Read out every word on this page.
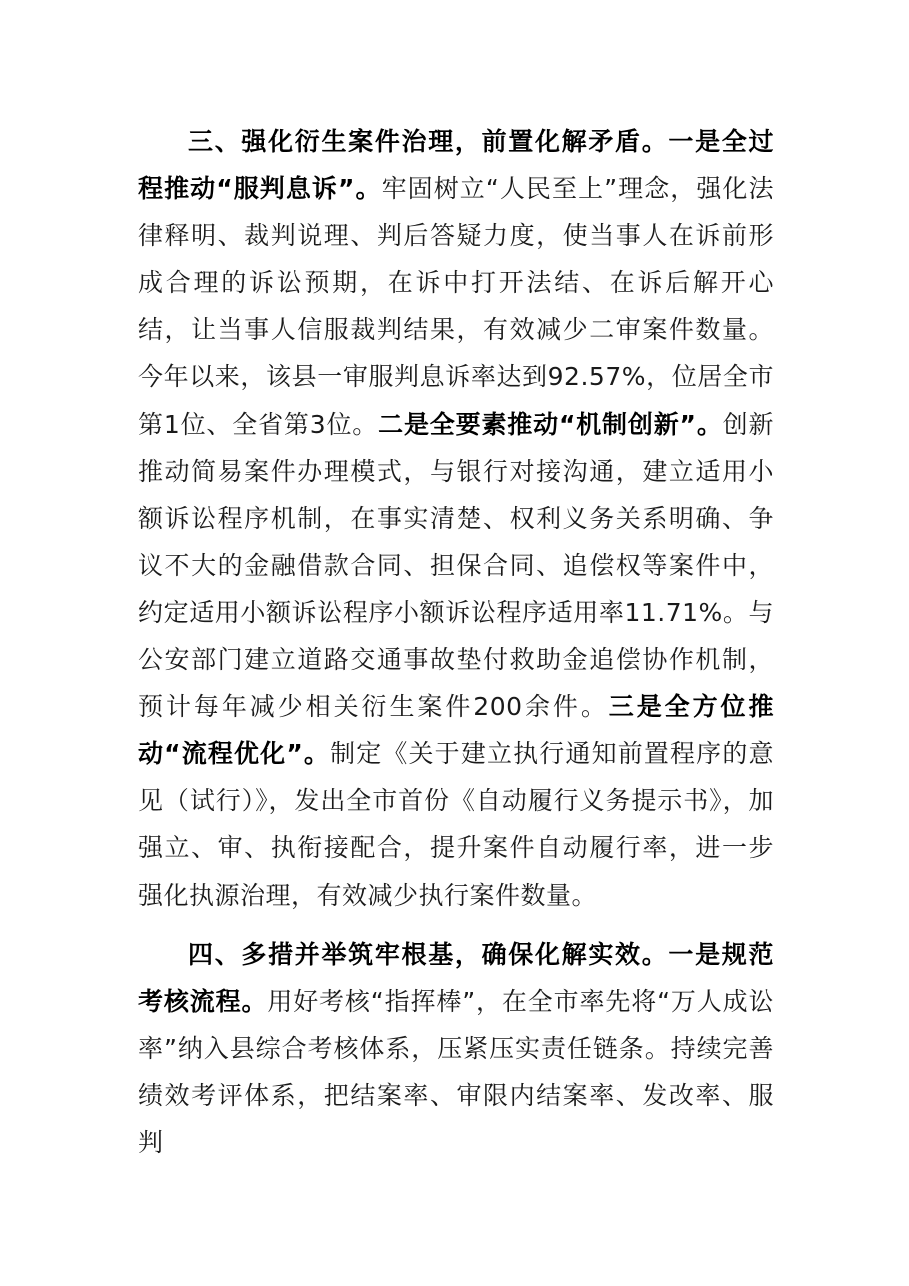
三、强化衍生案件治理，前置化解矛盾。一是全过程推动“服判息诉”。牢固树立“人民至上”理念，强化法律释明、裁判说理、判后答疑力度，使当事人在诉前形成合理的诉讼预期，在诉中打开法结、在诉后解开心结，让当事人信服裁判结果，有效减少二审案件数量。今年以来，该县一审服判息诉率达到92.57%，位居全市第1位、全省第3位。二是全要素推动“机制创新”。创新推动简易案件办理模式，与银行对接沟通，建立适用小额诉讼程序机制，在事实清楚、权利义务关系明确、争议不大的金融借款合同、担保合同、追偿权等案件中，约定适用小额诉讼程序小额诉讼程序适用率11.71%。与公安部门建立道路交通事故垫付救助金追偿协作机制，预计每年减少相关衍生案件200余件。三是全方位推动“流程优化”。制定《关于建立执行通知前置程序的意见（试行）》，发出全市首份《自动履行义务提示书》，加强立、审、执衔接配合，提升案件自动履行率，进一步强化执源治理，有效减少执行案件数量。

四、多措并举筑牢根基，确保化解实效。一是规范考核流程。用好考核“指挥棒”，在全市率先将“万人成讼率”纳入县综合考核体系，压紧压实责任链条。持续完善绩效考评体系，把结案率、审限内结案率、发改率、服判
